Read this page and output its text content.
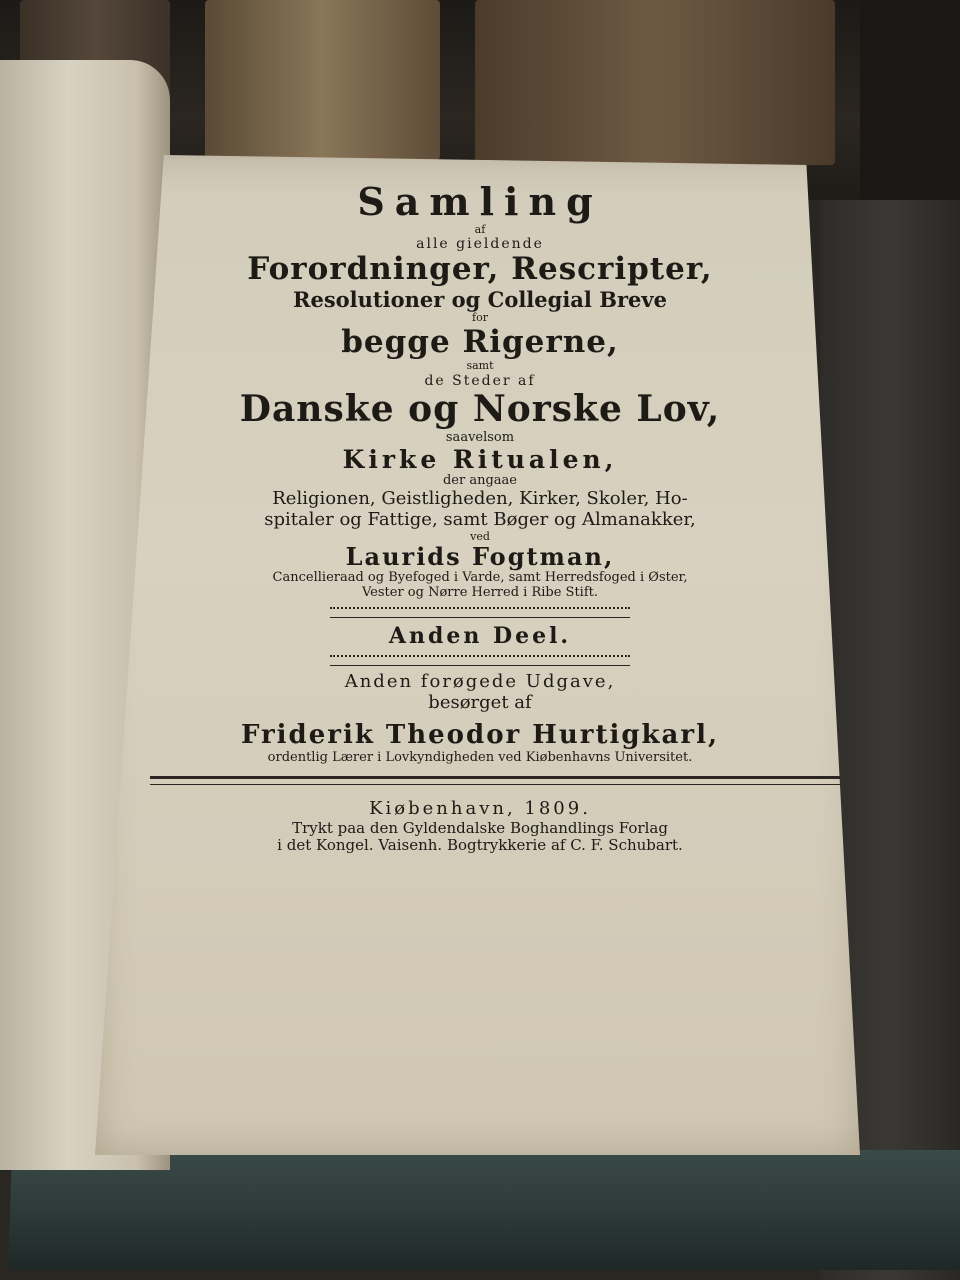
Samling
af
alle gieldende
Forordninger, Rescripter,
Resolutioner og Collegial Breve
for
begge Rigerne,
samt
de Steder af
Danske og Norske Lov,
saavelsom
Kirke Ritualen,
der angaae
Religionen, Geistligheden, Kirker, Skoler, Ho-
spitaler og Fattige, samt Bøger og Almanakker,
ved
Laurids Fogtman,
Cancellieraad og Byefoged i Varde, samt Herredsfoged i Øster,
Vester og Nørre Herred i Ribe Stift.
Anden Deel.
Anden forøgede Udgave,
besørget af
Friderik Theodor Hurtigkarl,
ordentlig Lærer i Lovkyndigheden ved Kiøbenhavns Universitet.
Kiøbenhavn, 1809.
Trykt paa den Gyldendalske Boghandlings Forlag
i det Kongel. Vaisenh. Bogtrykkerie af C. F. Schubart.
